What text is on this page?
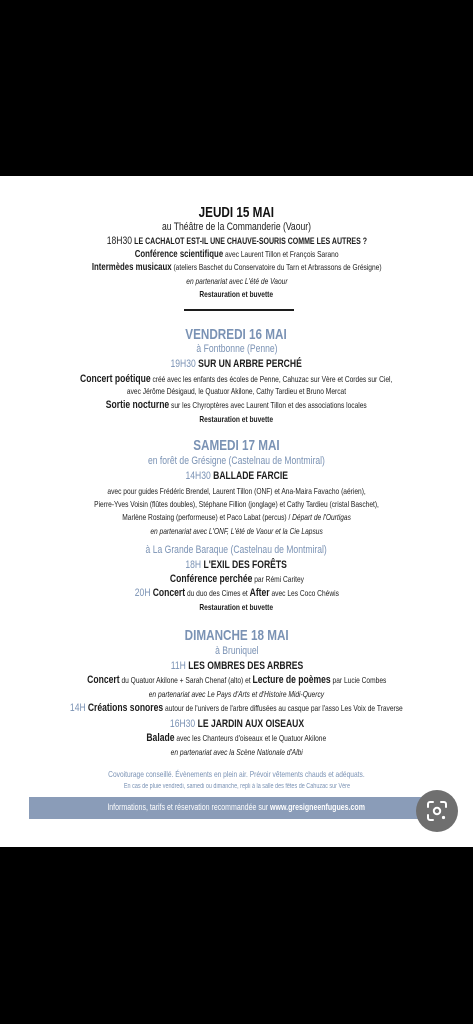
JEUDI 15 MAI
au Théâtre de la Commanderie (Vaour)
18H30 LE CACHALOT EST-IL UNE CHAUVE-SOURIS COMME LES AUTRES ?
Conférence scientifique avec Laurent Tillon et François Sarano
Intermèdes musicaux (ateliers Baschet du Conservatoire du Tarn et Arbrassons de Grésigne)
en partenariat avec L'été de Vaour
Restauration et buvette
VENDREDI 16 MAI
à Fontbonne (Penne)
19H30 SUR UN ARBRE PERCHÉ
Concert poétique créé avec les enfants des écoles de Penne, Cahuzac sur Vère et Cordes sur Ciel,
avec Jérôme Désigaud, le Quatuor Akilone, Cathy Tardieu et Bruno Mercat
Sortie nocturne sur les Chyroptères avec Laurent Tillon et des associations locales
Restauration et buvette
SAMEDI 17 MAI
en forêt de Grésigne (Castelnau de Montmiral)
14H30 BALLADE FARCIE
avec pour guides Frédéric Brendel, Laurent Tillon (ONF) et Ana-Maira Favacho (aérien),
Pierre-Yves Voisin (flûtes doubles), Stéphane Fillion (jonglage) et Cathy Tardieu (cristal Baschet),
Marlène Rostaing (performeuse) et Paco Labat (percus) / Départ de l'Ourtigas
en partenariat avec L'ONF, L'été de Vaour et la Cie Lapsus
à La Grande Baraque (Castelnau de Montmiral)
18H L'EXIL DES FORÊTS
Conférence perchée par Rémi Caritey
20H Concert du duo des Cimes et After avec Les Coco Chéwis
Restauration et buvette
DIMANCHE 18 MAI
à Bruniquel
11H LES OMBRES DES ARBRES
Concert du Quatuor Akilone + Sarah Chenaf (alto) et Lecture de poèmes par Lucie Combes
en partenariat avec Le Pays d'Arts et d'Histoire Midi-Quercy
14H Créations sonores autour de l'univers de l'arbre diffusées au casque par l'asso Les Voix de Traverse
16H30 LE JARDIN AUX OISEAUX
Balade avec les Chanteurs d'oiseaux et le Quatuor Akilone
en partenariat avec la Scène Nationale d'Albi
Covoiturage conseillé. Évènements en plein air. Prévoir vêtements chauds et adéquats.
En cas de pluie vendredi, samedi ou dimanche, repli à la salle des fêtes de Cahuzac sur Vère
Informations, tarifs et réservation recommandée sur www.gresigneenfugues.com
